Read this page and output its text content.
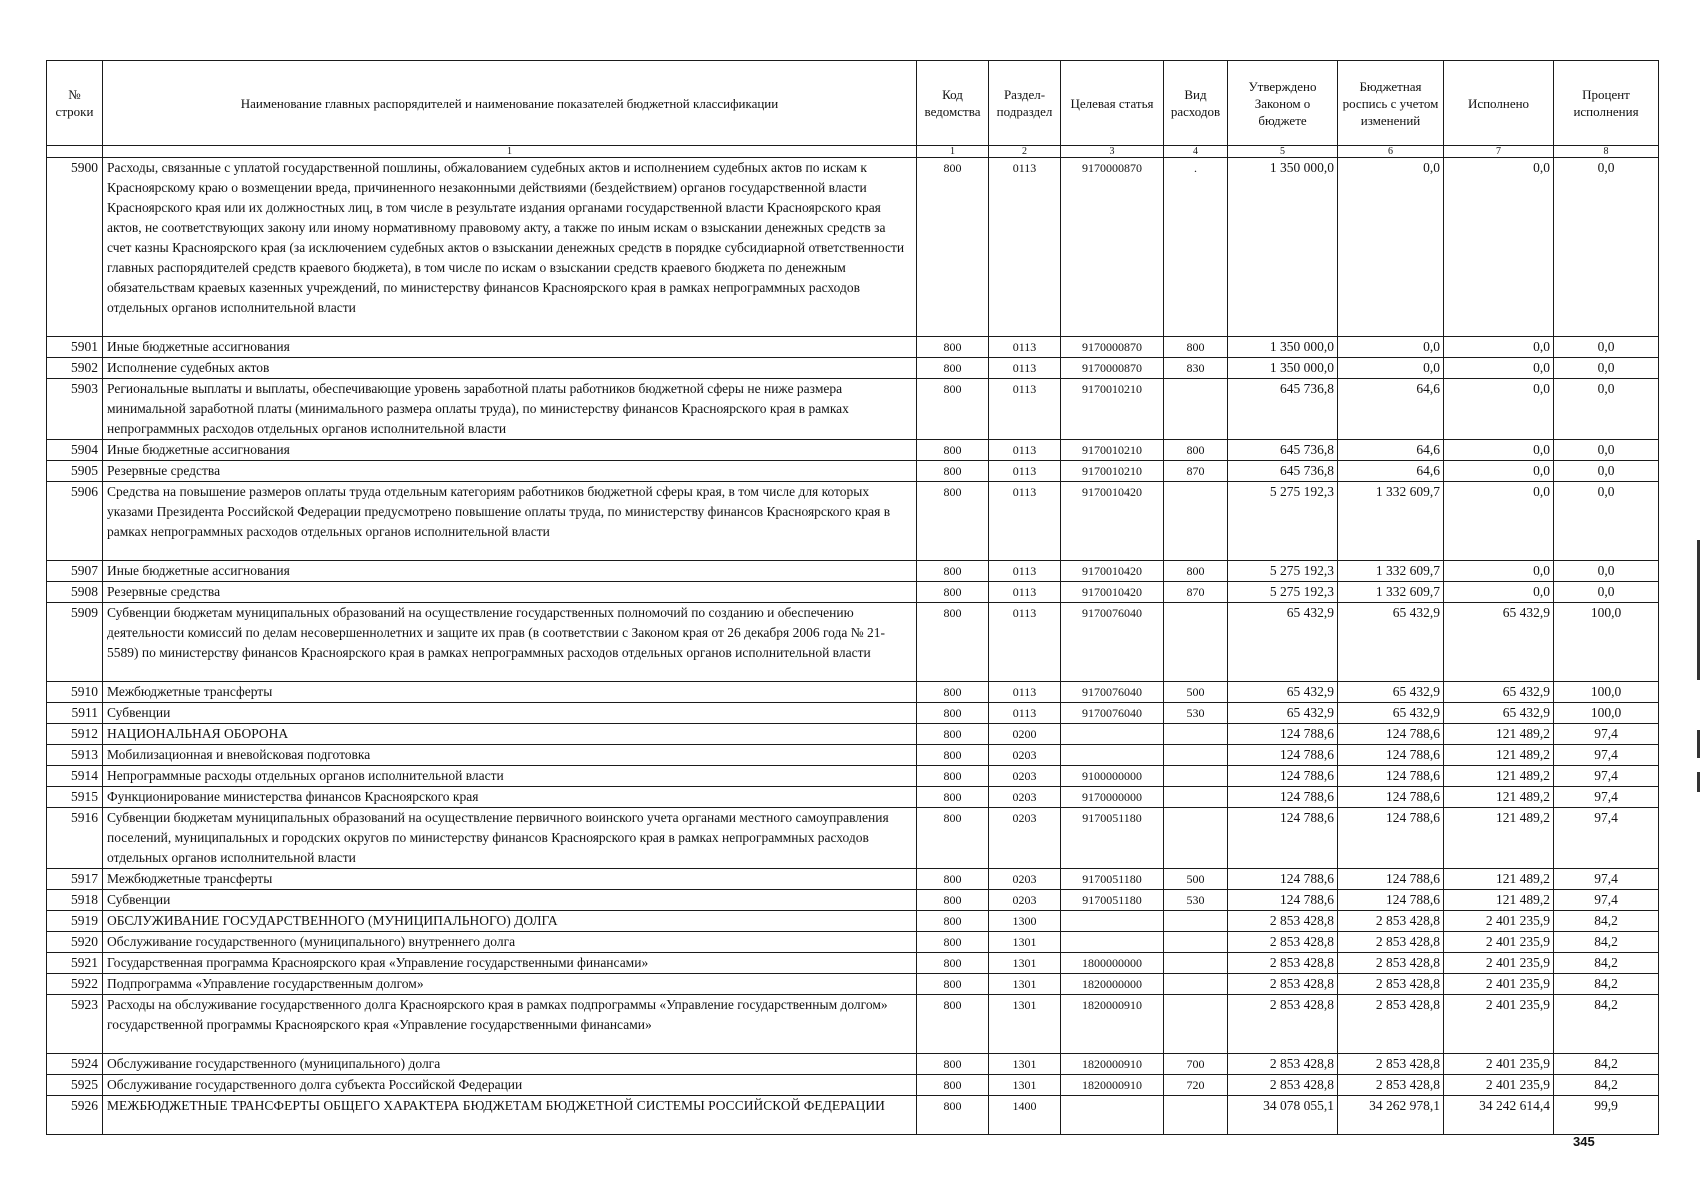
№ строки	Наименование главных распорядителей и наименование показателей бюджетной классификации	Код ведомства	Раздел-подраздел	Целевая статья	Вид расходов	Утверждено Законом о бюджете	Бюджетная роспись с учетом изменений	Исполнено	Процент исполнения
	1	1	2	3	4	5	6	7	8
5900	Расходы, связанные с уплатой государственной пошлины, обжалованием судебных актов и исполнением судебных актов по искам к Красноярскому краю о возмещении вреда, причиненного незаконными действиями (бездействием) органов государственной власти Красноярского края или их должностных лиц, в том числе в результате издания органами государственной власти Красноярского края актов, не соответствующих закону или иному нормативному правовому акту, а также по иным искам о взыскании денежных средств за счет казны Красноярского края (за исключением судебных актов о взыскании денежных средств в порядке субсидиарной ответственности главных распорядителей средств краевого бюджета), в том числе по искам о взыскании средств краевого бюджета по денежным обязательствам краевых казенных учреждений, по министерству финансов Красноярского края в рамках непрограммных расходов отдельных органов исполнительной власти	800	0113	9170000870	.	1 350 000,0	0,0	0,0	0,0
5901	Иные бюджетные ассигнования	800	0113	9170000870	800	1 350 000,0	0,0	0,0	0,0
5902	Исполнение судебных актов	800	0113	9170000870	830	1 350 000,0	0,0	0,0	0,0
5903	Региональные выплаты и выплаты, обеспечивающие уровень заработной платы работников бюджетной сферы не ниже размера минимальной заработной платы (минимального размера оплаты труда), по министерству финансов Красноярского края в рамках непрограммных расходов отдельных органов исполнительной власти	800	0113	9170010210		645 736,8	64,6	0,0	0,0
5904	Иные бюджетные ассигнования	800	0113	9170010210	800	645 736,8	64,6	0,0	0,0
5905	Резервные средства	800	0113	9170010210	870	645 736,8	64,6	0,0	0,0
5906	Средства на повышение размеров оплаты труда отдельным категориям работников бюджетной сферы края, в том числе для которых указами Президента Российской Федерации предусмотрено повышение оплаты труда, по министерству финансов Красноярского края в рамках непрограммных расходов отдельных органов исполнительной власти	800	0113	9170010420		5 275 192,3	1 332 609,7	0,0	0,0
5907	Иные бюджетные ассигнования	800	0113	9170010420	800	5 275 192,3	1 332 609,7	0,0	0,0
5908	Резервные средства	800	0113	9170010420	870	5 275 192,3	1 332 609,7	0,0	0,0
5909	Субвенции бюджетам муниципальных образований на осуществление государственных полномочий по созданию и обеспечению деятельности комиссий по делам несовершеннолетних и защите их прав (в соответствии с Законом края от 26 декабря 2006 года № 21-5589) по министерству финансов Красноярского края в рамках непрограммных расходов отдельных органов исполнительной власти	800	0113	9170076040		65 432,9	65 432,9	65 432,9	100,0
5910	Межбюджетные трансферты	800	0113	9170076040	500	65 432,9	65 432,9	65 432,9	100,0
5911	Субвенции	800	0113	9170076040	530	65 432,9	65 432,9	65 432,9	100,0
5912	НАЦИОНАЛЬНАЯ ОБОРОНА	800	0200			124 788,6	124 788,6	121 489,2	97,4
5913	Мобилизационная и вневойсковая подготовка	800	0203			124 788,6	124 788,6	121 489,2	97,4
5914	Непрограммные расходы отдельных органов исполнительной власти	800	0203	9100000000		124 788,6	124 788,6	121 489,2	97,4
5915	Функционирование министерства финансов Красноярского края	800	0203	9170000000		124 788,6	124 788,6	121 489,2	97,4
5916	Субвенции бюджетам муниципальных образований на осуществление первичного воинского учета органами местного самоуправления поселений, муниципальных и городских округов по министерству финансов Красноярского края в рамках непрограммных расходов отдельных органов исполнительной власти	800	0203	9170051180		124 788,6	124 788,6	121 489,2	97,4
5917	Межбюджетные трансферты	800	0203	9170051180	500	124 788,6	124 788,6	121 489,2	97,4
5918	Субвенции	800	0203	9170051180	530	124 788,6	124 788,6	121 489,2	97,4
5919	ОБСЛУЖИВАНИЕ ГОСУДАРСТВЕННОГО (МУНИЦИПАЛЬНОГО) ДОЛГА	800	1300			2 853 428,8	2 853 428,8	2 401 235,9	84,2
5920	Обслуживание государственного (муниципального) внутреннего долга	800	1301			2 853 428,8	2 853 428,8	2 401 235,9	84,2
5921	Государственная программа Красноярского края «Управление государственными финансами»	800	1301	1800000000		2 853 428,8	2 853 428,8	2 401 235,9	84,2
5922	Подпрограмма «Управление государственным долгом»	800	1301	1820000000		2 853 428,8	2 853 428,8	2 401 235,9	84,2
5923	Расходы на обслуживание государственного долга Красноярского края в рамках подпрограммы «Управление государственным долгом» государственной программы Красноярского края «Управление государственными финансами»	800	1301	1820000910		2 853 428,8	2 853 428,8	2 401 235,9	84,2
5924	Обслуживание государственного (муниципального) долга	800	1301	1820000910	700	2 853 428,8	2 853 428,8	2 401 235,9	84,2
5925	Обслуживание государственного долга субъекта Российской Федерации	800	1301	1820000910	720	2 853 428,8	2 853 428,8	2 401 235,9	84,2
5926	МЕЖБЮДЖЕТНЫЕ ТРАНСФЕРТЫ ОБЩЕГО ХАРАКТЕРА БЮДЖЕТАМ БЮДЖЕТНОЙ СИСТЕМЫ РОССИЙСКОЙ ФЕДЕРАЦИИ	800	1400			34 078 055,1	34 262 978,1	34 242 614,4	99,9
345
